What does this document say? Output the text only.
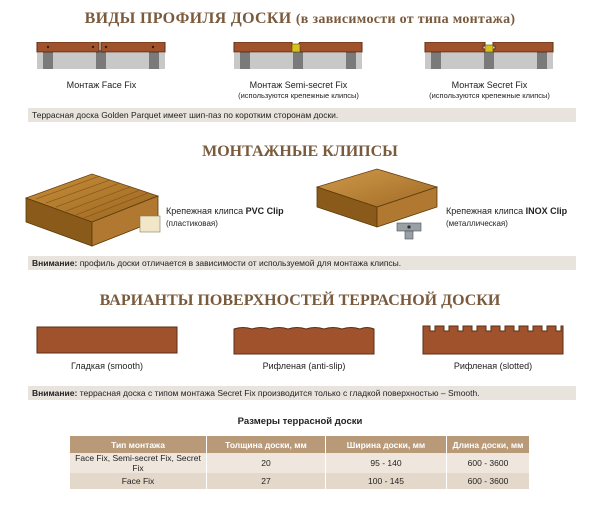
ВИДЫ ПРОФИЛЯ ДОСКИ (в зависимости от типа монтажа)
Монтаж Face Fix	Монтаж Semi-secret Fix
(используются крепежные клипсы)
Монтаж Secret Fix
(используются крепежные клипсы)
Террасная доска Golden Parquet имеет шип-паз по коротким сторонам доски.
МОНТАЖНЫЕ КЛИПСЫ
Крепежная клипса PVC Clip
(пластиковая)
Крепежная клипса INOX Clip
(металлическая)
Внимание: профиль доски отличается в зависимости от используемой для монтажа клипсы.
ВАРИАНТЫ ПОВЕРХНОСТЕЙ ТЕРРАСНОЙ ДОСКИ
Гладкая (smooth)	Рифленая (anti-slip)	Рифленая (slotted)
Внимание: террасная доска с типом монтажа Secret Fix производится только с гладкой поверхностью – Smooth.
Размеры террасной доски
Тип монтажа	Толщина доски, мм	Ширина доски, мм	Длина доски, мм
Face Fix, Semi-secret Fix, Secret Fix	20	95 - 140	600 - 3600
Face Fix	27	100 - 145	600 - 3600
